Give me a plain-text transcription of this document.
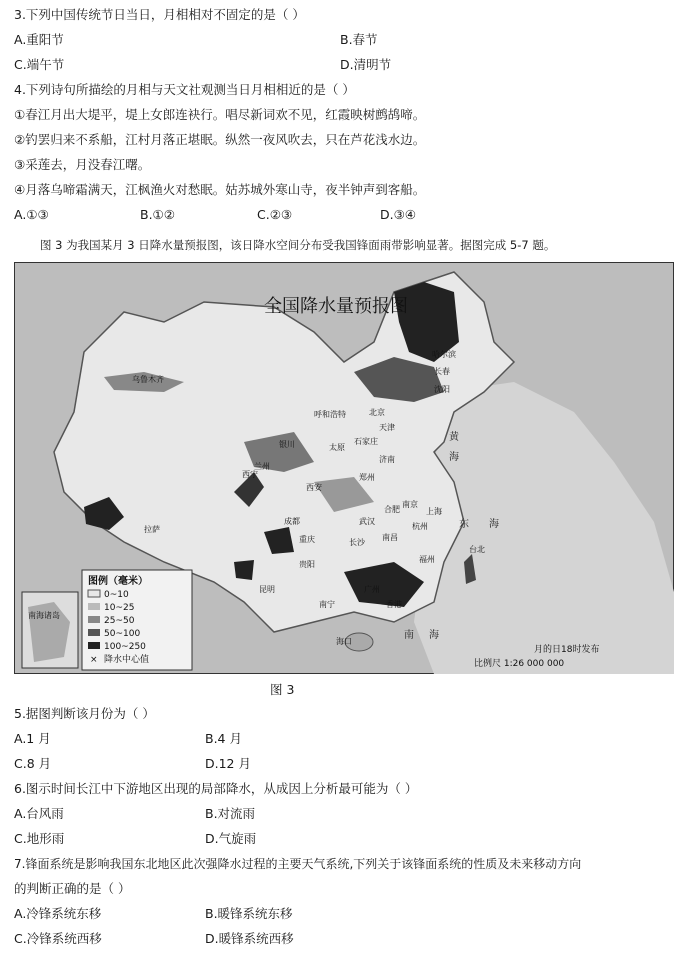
3.下列中国传统节日当日，月相相对不固定的是（ ）
A.重阳节	B.春节
C.端午节	D.清明节
4.下列诗句所描绘的月相与天文社观测当日月相相近的是（ ）
①春江月出大堤平，堤上女郎连袂行。唱尽新词欢不见，红霞映树鹧鸪啼。
②钓罢归来不系船，江村月落正堪眠。纵然一夜风吹去，只在芦花浅水边。
③采莲去，月没春江曙。
④月落乌啼霜满天，江枫渔火对愁眠。姑苏城外寒山寺，夜半钟声到客船。
A.①③	B.①②	C.②③	D.③④
图 3 为我国某月 3 日降水量预报图，该日降水空间分布受我国锋面雨带影响显著。据图完成 5-7 题。
全国降水量预报图
乌鲁木齐
哈尔滨
长春
沈阳
北京
天津
呼和浩特
太原
石家庄
银川
济南
兰州
郑州
西宁
西安
南京
合肥	上海
武汉
成都
杭州
长沙
南昌
重庆
福州
台北
拉萨
贵阳
昆明	广州
南宁	香港
海口
黄
海
东 海
南 海
图例（毫米）
0~10
10~25
25~50
50~100
100~250
× 降水中心值
南海诸岛
月的日18时发布
比例尺 1:26 000 000
图 3
5.据图判断该月份为（ ）
A.1 月	B.4 月
C.8 月	D.12 月
6.图示时间长江中下游地区出现的局部降水，从成因上分析最可能为（ ）
A.台风雨	B.对流雨
C.地形雨	D.气旋雨
7.锋面系统是影响我国东北地区此次强降水过程的主要天气系统,下列关于该锋面系统的性质及未来移动方向
的判断正确的是（ ）
A.冷锋系统东移	B.暖锋系统东移
C.冷锋系统西移	D.暖锋系统西移
